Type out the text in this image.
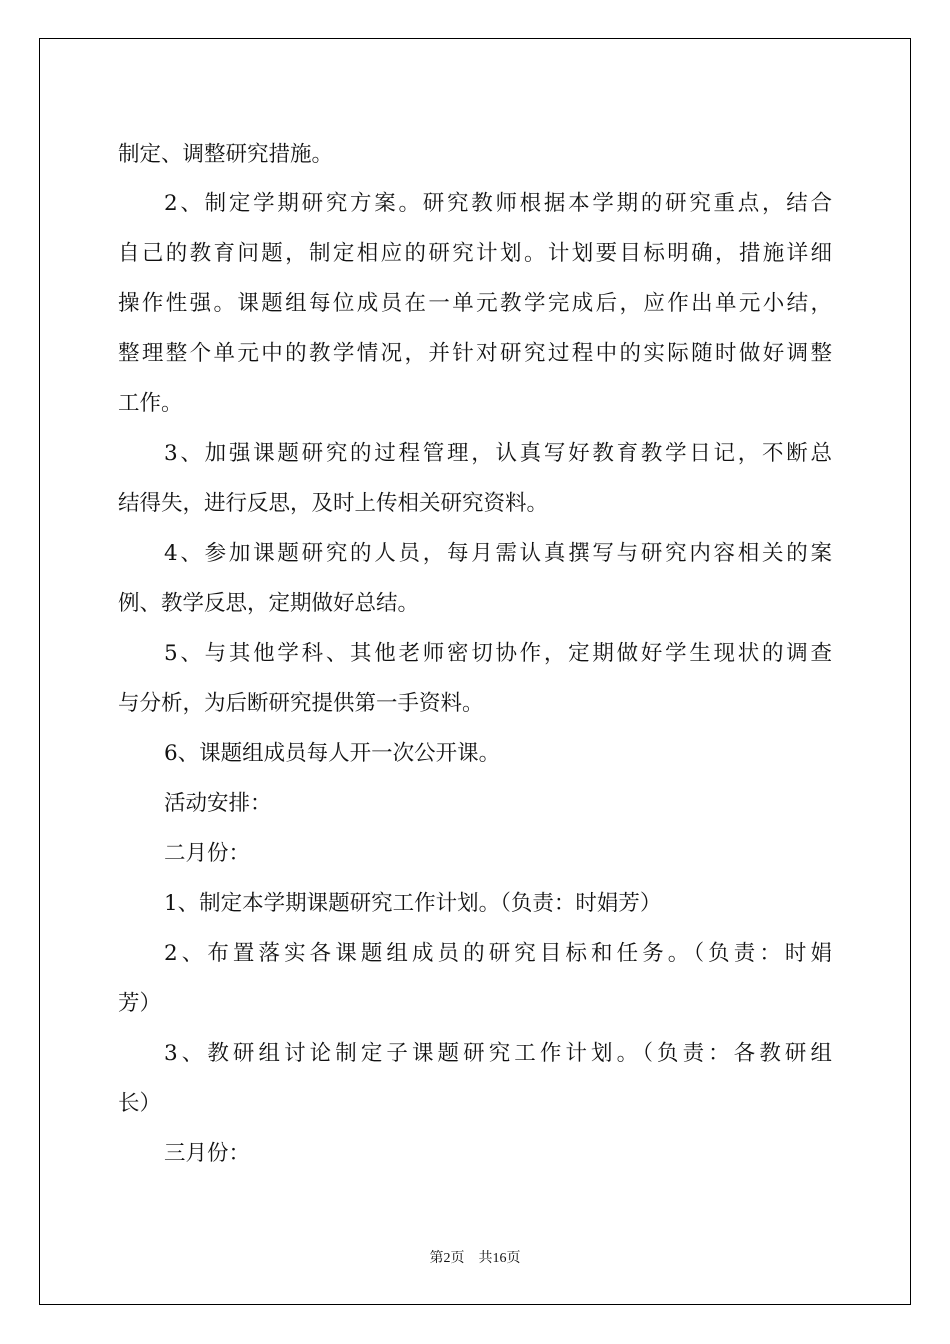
制定、调整研究措施。
2、制定学期研究方案。研究教师根据本学期的研究重点，结合
自己的教育问题，制定相应的研究计划。计划要目标明确，措施详细
操作性强。课题组每位成员在一单元教学完成后，应作出单元小结，
整理整个单元中的教学情况，并针对研究过程中的实际随时做好调整
工作。
3、加强课题研究的过程管理，认真写好教育教学日记，不断总
结得失，进行反思，及时上传相关研究资料。
4、参加课题研究的人员，每月需认真撰写与研究内容相关的案
例、教学反思，定期做好总结。
5、与其他学科、其他老师密切协作，定期做好学生现状的调查
与分析，为后断研究提供第一手资料。
6、课题组成员每人开一次公开课。
活动安排：
二月份：
1、制定本学期课题研究工作计划。（负责：时娟芳）
2、布置落实各课题组成员的研究目标和任务。（负责：时娟
芳）
3、教研组讨论制定子课题研究工作计划。（负责：各教研组
长）
三月份：
第2页　共16页
